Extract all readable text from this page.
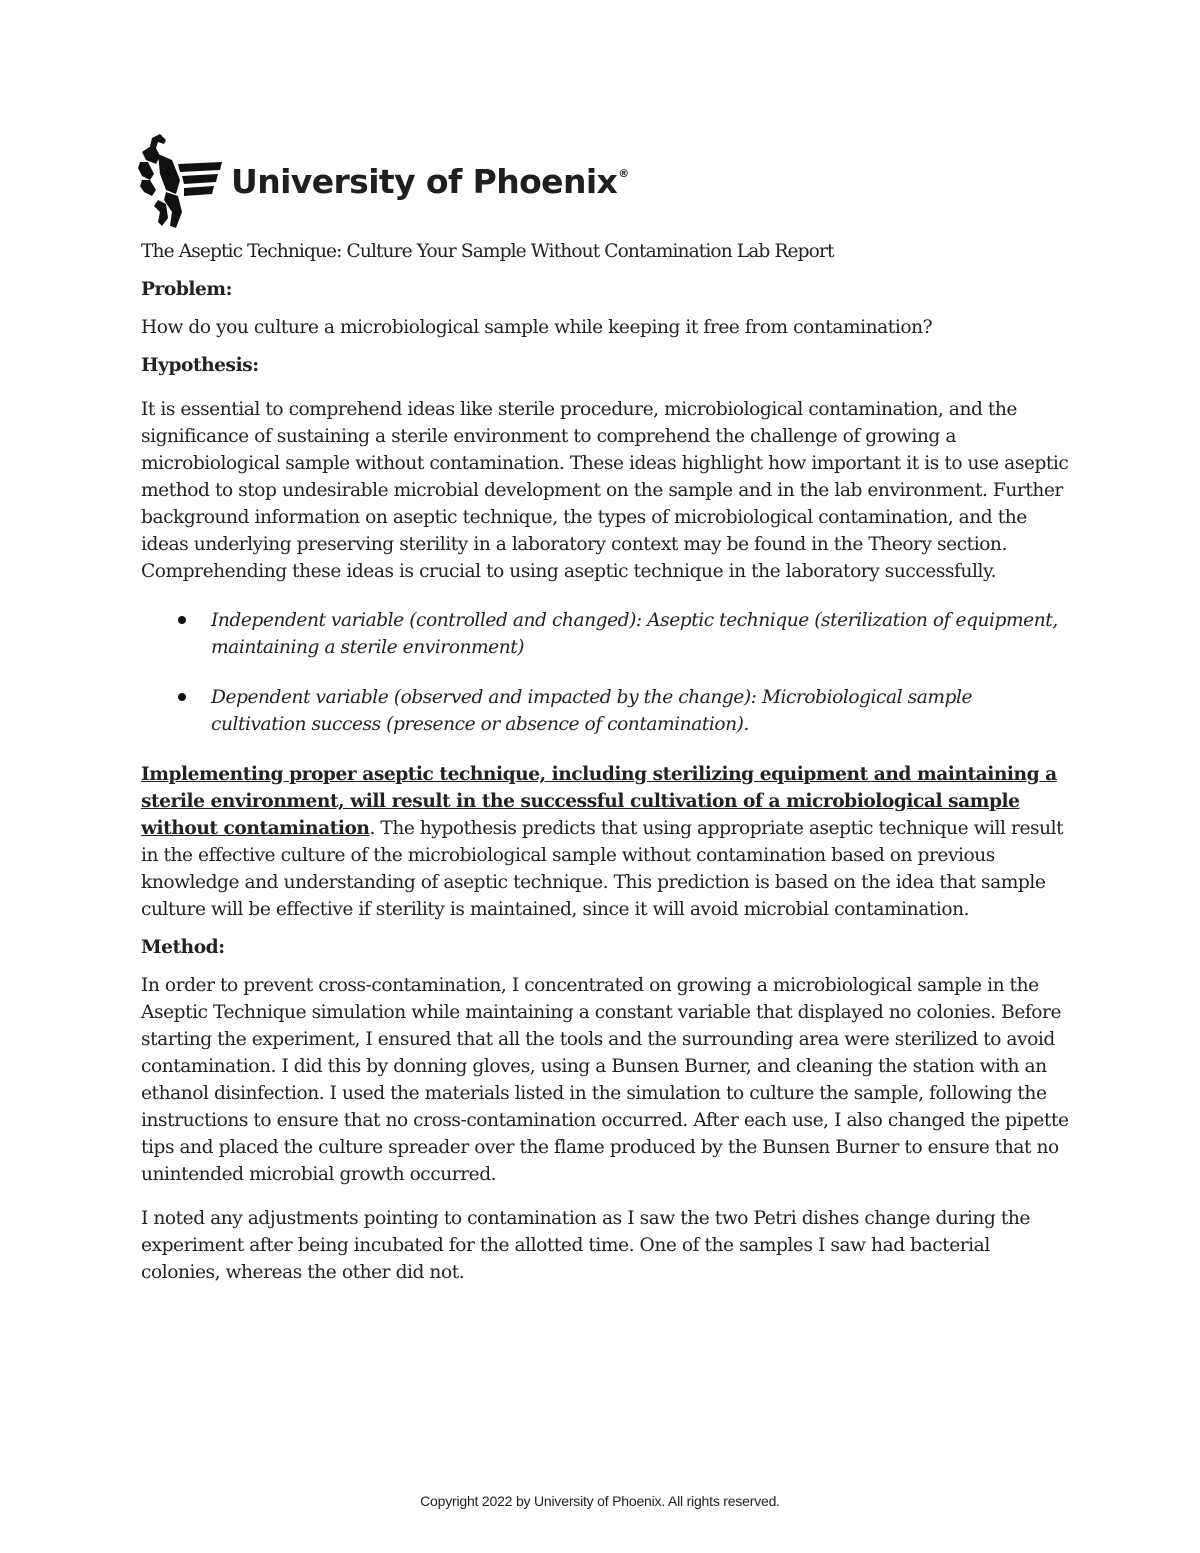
University of Phoenix®

The Aseptic Technique: Culture Your Sample Without Contamination Lab Report

Problem:

How do you culture a microbiological sample while keeping it free from contamination?

Hypothesis:

It is essential to comprehend ideas like sterile procedure, microbiological contamination, and the significance of sustaining a sterile environment to comprehend the challenge of growing a microbiological sample without contamination. These ideas highlight how important it is to use aseptic method to stop undesirable microbial development on the sample and in the lab environment. Further background information on aseptic technique, the types of microbiological contamination, and the ideas underlying preserving sterility in a laboratory context may be found in the Theory section. Comprehending these ideas is crucial to using aseptic technique in the laboratory successfully.

Independent variable (controlled and changed): Aseptic technique (sterilization of equipment, maintaining a sterile environment)
Dependent variable (observed and impacted by the change): Microbiological sample cultivation success (presence or absence of contamination).

Implementing proper aseptic technique, including sterilizing equipment and maintaining a sterile environment, will result in the successful cultivation of a microbiological sample without contamination. The hypothesis predicts that using appropriate aseptic technique will result in the effective culture of the microbiological sample without contamination based on previous knowledge and understanding of aseptic technique. This prediction is based on the idea that sample culture will be effective if sterility is maintained, since it will avoid microbial contamination.

Method:

In order to prevent cross-contamination, I concentrated on growing a microbiological sample in the Aseptic Technique simulation while maintaining a constant variable that displayed no colonies. Before starting the experiment, I ensured that all the tools and the surrounding area were sterilized to avoid contamination. I did this by donning gloves, using a Bunsen Burner, and cleaning the station with an ethanol disinfection. I used the materials listed in the simulation to culture the sample, following the instructions to ensure that no cross-contamination occurred. After each use, I also changed the pipette tips and placed the culture spreader over the flame produced by the Bunsen Burner to ensure that no unintended microbial growth occurred.

I noted any adjustments pointing to contamination as I saw the two Petri dishes change during the experiment after being incubated for the allotted time. One of the samples I saw had bacterial colonies, whereas the other did not.

Copyright 2022 by University of Phoenix. All rights reserved.
